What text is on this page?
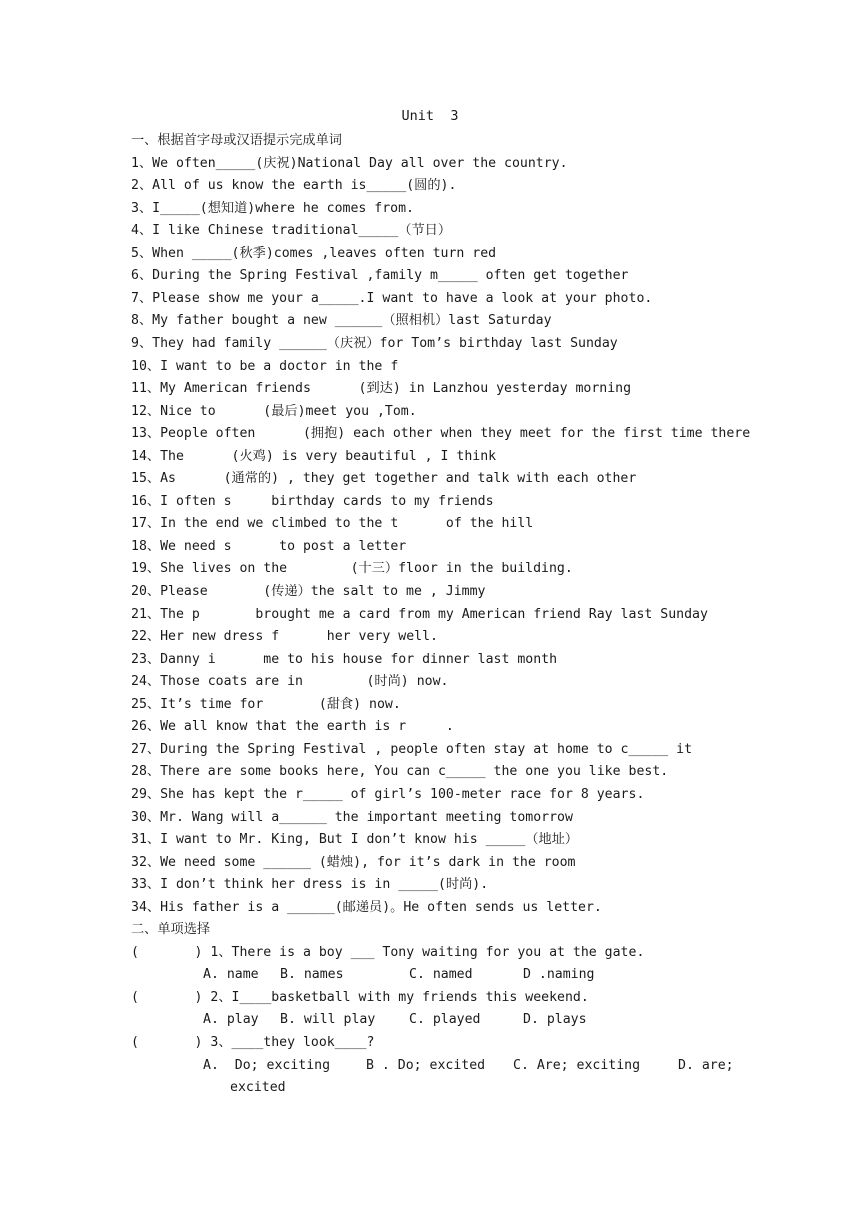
Unit  3
一、根据首字母或汉语提示完成单词
1、We often_____(庆祝)National Day all over the country.
2、All of us know the earth is_____(圆的).
3、I_____(想知道)where he comes from.
4、I like Chinese traditional_____（节日）
5、When _____(秋季)comes ,leaves often turn red
6、During the Spring Festival ,family m_____ often get together
7、Please show me your a_____.I want to have a look at your photo.
8、My father bought a new ______（照相机）last Saturday
9、They had family ______（庆祝）for Tom’s birthday last Sunday
10、I want to be a doctor in the f
11、My American friends      (到达) in Lanzhou yesterday morning
12、Nice to      (最后)meet you ,Tom.
13、People often      (拥抱) each other when they meet for the first time there
14、The      (火鸡) is very beautiful , I think
15、As      (通常的) , they get together and talk with each other
16、I often s     birthday cards to my friends
17、In the end we climbed to the t      of the hill
18、We need s      to post a letter
19、She lives on the        (十三）floor in the building.
20、Please       (传递）the salt to me , Jimmy
21、The p       brought me a card from my American friend Ray last Sunday
22、Her new dress f      her very well.
23、Danny i      me to his house for dinner last month
24、Those coats are in        (时尚) now.
25、It’s time for       (甜食) now.
26、We all know that the earth is r     .
27、During the Spring Festival , people often stay at home to c_____ it
28、There are some books here, You can c_____ the one you like best.
29、She has kept the r_____ of girl’s 100-meter race for 8 years.
30、Mr. Wang will a______ the important meeting tomorrow
31、I want to Mr. King, But I don’t know his _____（地址）
32、We need some ______ (蜡烛), for it’s dark in the room
33、I don’t think her dress is in _____(时尚).
34、His father is a ______(邮递员)。He often sends us letter.
二、单项选择
(       ) 1、There is a boy ___ Tony waiting for you at the gate.
A. name B. names	C. named	D .naming
(       ) 2、I____basketball with my friends this weekend.
A. play B. will play	C. played	D. plays
(       ) 3、____they look____?
A.  Do; exciting	B . Do; excited C. Are; exciting	D. are;
excited
